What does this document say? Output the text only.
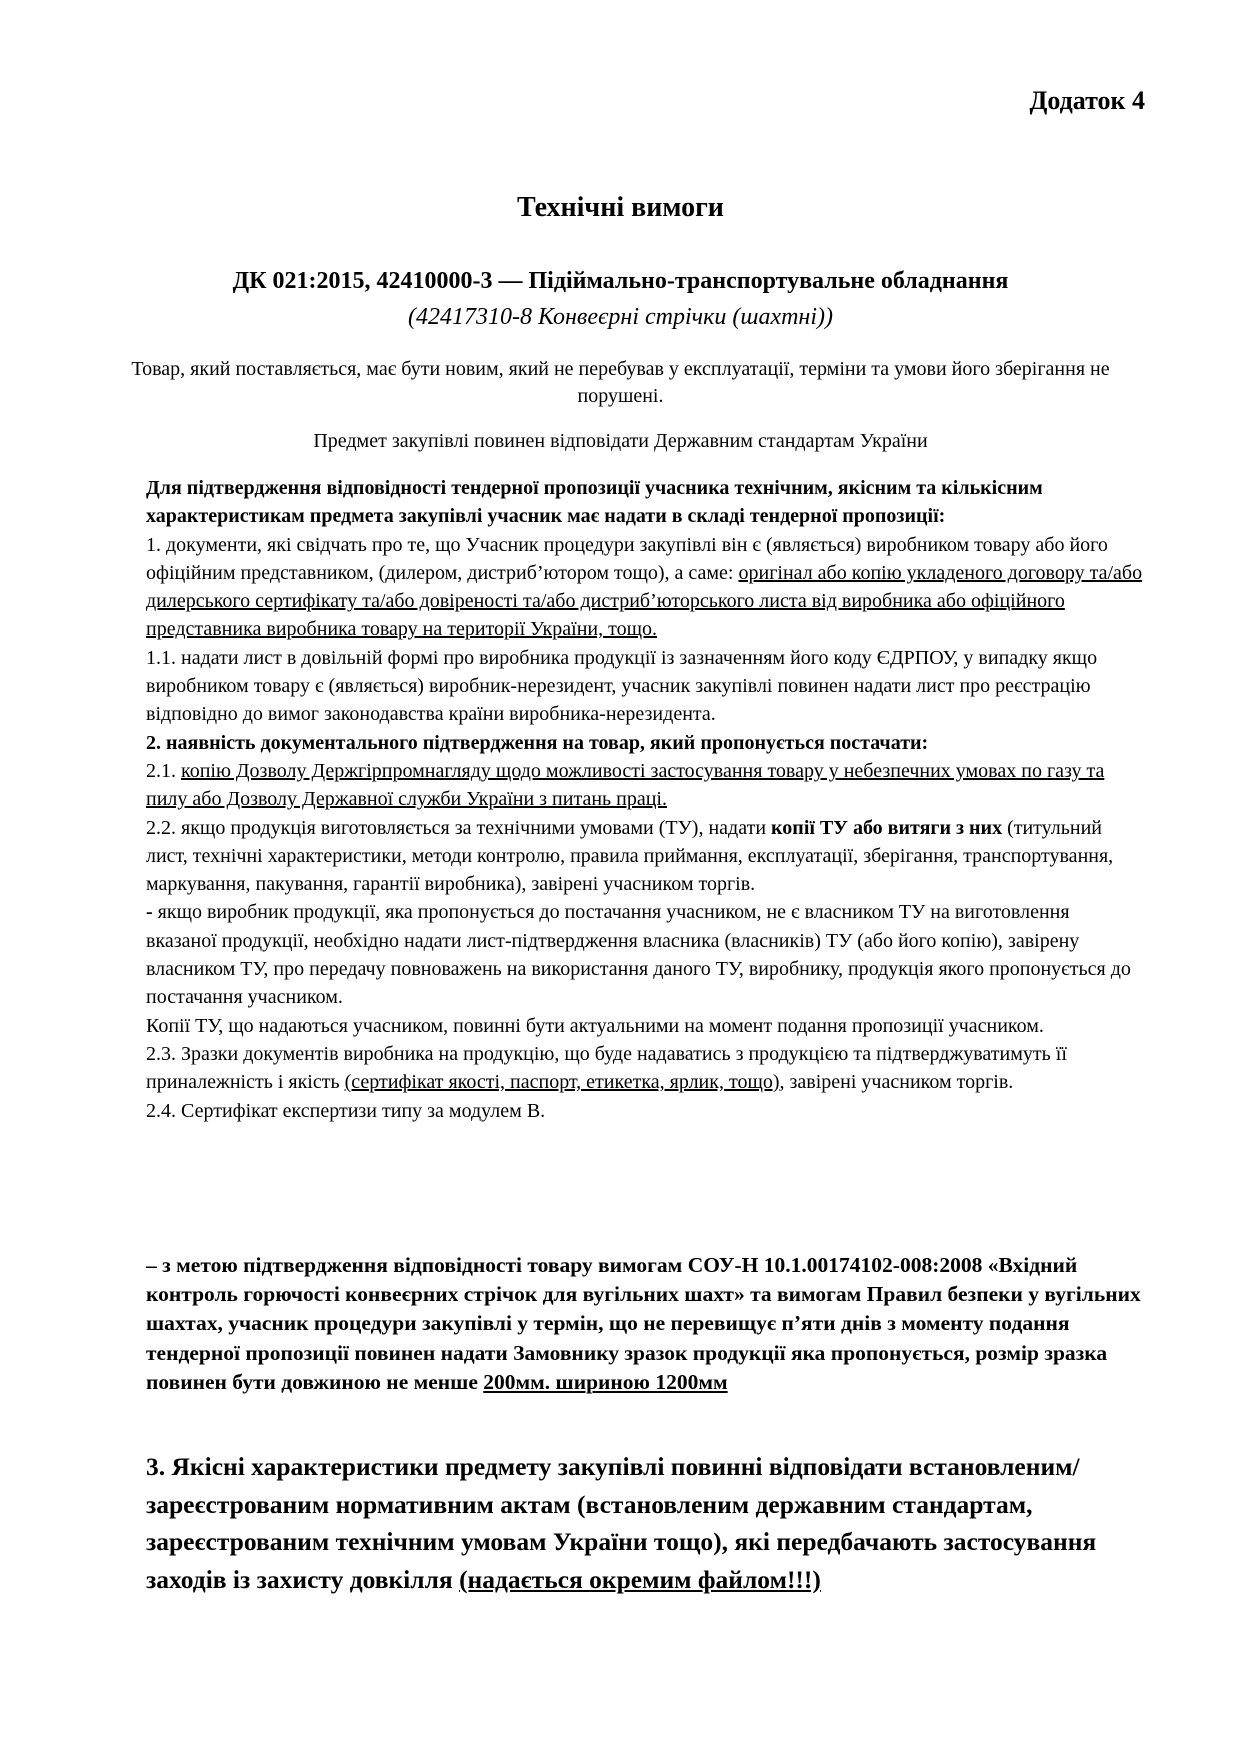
Додаток 4
Технічні вимоги
ДК 021:2015, 42410000-3 — Підіймально-транспортувальне обладнання
(42417310-8 Конвеєрні стрічки (шахтні))
Товар, який поставляється, має бути новим, який не перебував у експлуатації, терміни та умови його зберігання не порушені.
Предмет закупівлі повинен відповідати Державним стандартам України

Для підтвердження відповідності тендерної пропозиції учасника технічним, якісним та кількісним характеристикам предмета закупівлі учасник має надати в складі тендерної пропозиції:

1. документи, які свідчать про те, що Учасник процедури закупівлі він є (являється) виробником товару або його офіційним представником, (дилером, дистриб’ютором тощо), а саме: оригінал або копію укладеного договору та/або дилерського сертифікату та/або довіреності та/або дистриб’юторського листа від виробника або офіційного представника виробника товару на території України, тощо.

1.1. надати лист в довільній формі про виробника продукції із зазначенням його коду ЄДРПОУ, у випадку якщо виробником товару є (являється) виробник-нерезидент, учасник закупівлі повинен надати лист про реєстрацію відповідно до вимог законодавства країни виробника-нерезидента.

2. наявність документального підтвердження на товар, який пропонується постачати:

2.1. копію Дозволу Держгірпромнагляду щодо можливості застосування товару у небезпечних умовах по газу та пилу або Дозволу Державної служби України з питань праці.

2.2. якщо продукція виготовляється за технічними умовами (ТУ), надати копії ТУ або витяги з них (титульний лист, технічні характеристики, методи контролю, правила приймання, експлуатації, зберігання, транспортування, маркування, пакування, гарантії виробника), завірені учасником торгів.

- якщо виробник продукції, яка пропонується до постачання учасником, не є власником ТУ на виготовлення вказаної продукції, необхідно надати лист-підтвердження власника (власників) ТУ (або його копію), завірену власником ТУ, про передачу повноважень на використання даного ТУ, виробнику, продукція якого пропонується до постачання учасником.

Копії ТУ, що надаються учасником, повинні бути актуальними на момент подання пропозиції учасником.

2.3. Зразки документів виробника на продукцію, що буде надаватись з продукцією та підтверджуватимуть її приналежність і якість (сертифікат якості, паспорт, етикетка, ярлик, тощо), завірені учасником торгів.

2.4. Сертифікат експертизи типу за модулем В.

– з метою підтвердження відповідності товару вимогам СОУ-Н 10.1.00174102-008:2008 «Вхідний контроль горючості конвеєрних стрічок для вугільних шахт» та вимогам Правил безпеки у вугільних шахтах, учасник процедури закупівлі у термін, що не перевищує п’яти днів з моменту подання тендерної пропозиції повинен надати Замовнику зразок продукції яка пропонується, розмір зразка повинен бути довжиною не менше 200мм. шириною 1200мм
3. Якісні характеристики предмету закупівлі повинні відповідати встановленим/зареєстрованим нормативним актам (встановленим державним стандартам, зареєстрованим технічним умовам України тощо), які передбачають застосування заходів із захисту довкілля (надається окремим файлом!!!)
